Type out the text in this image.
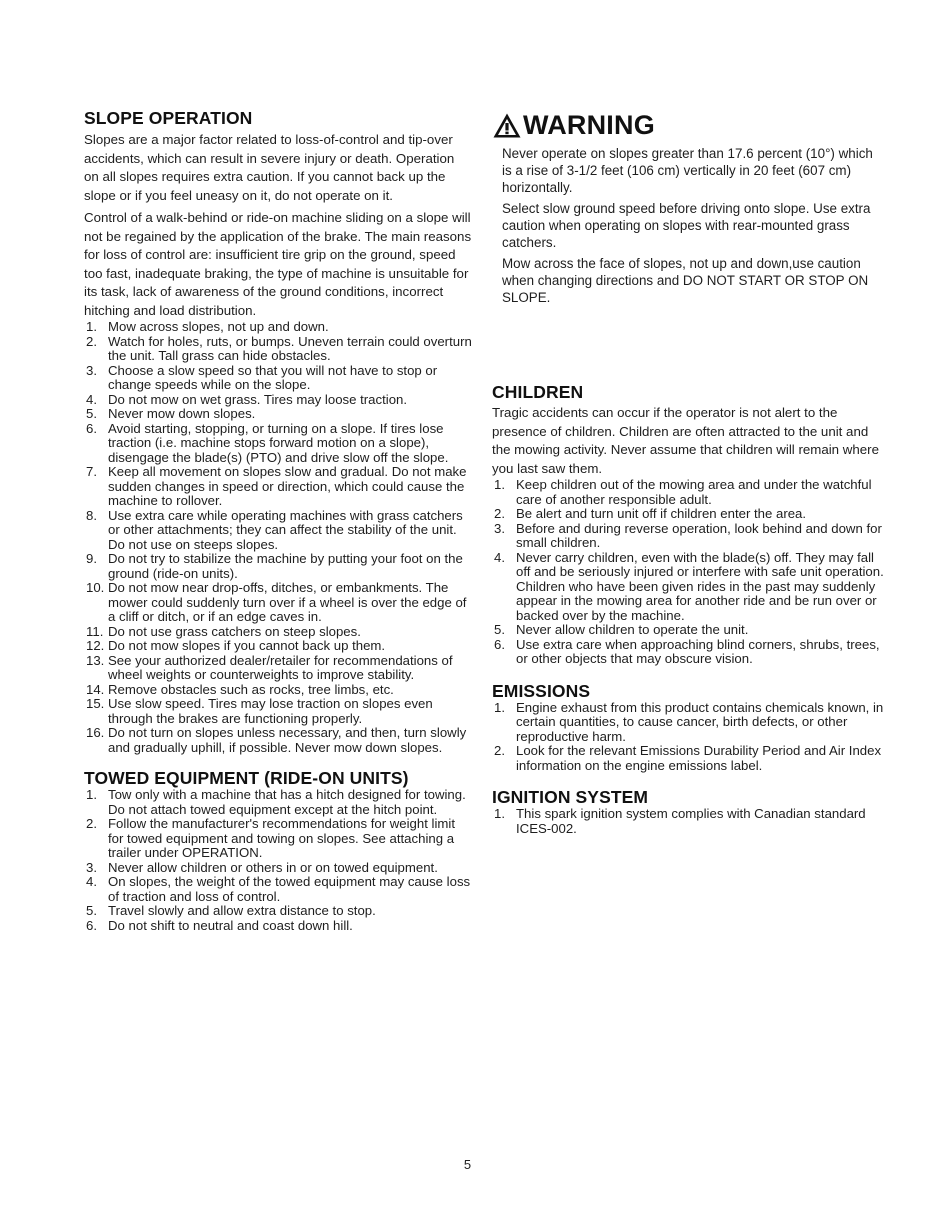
SLOPE OPERATION

Slopes are a major factor related to loss-of-control and tip-over accidents, which can result in severe injury or death. Operation on all slopes requires extra caution. If you cannot back up the slope or if you feel uneasy on it, do not operate on it.

Control of a walk-behind or ride-on machine sliding on a slope will not be regained by the application of the brake. The main reasons for loss of control are: insufficient tire grip on the ground, speed too fast, inadequate braking, the type of machine is unsuitable for its task, lack of awareness of the ground conditions, incorrect hitching and load distribution.

1. Mow across slopes, not up and down.
2. Watch for holes, ruts, or bumps. Uneven terrain could overturn the unit. Tall grass can hide obstacles.
3. Choose a slow speed so that you will not have to stop or change speeds while on the slope.
4. Do not mow on wet grass. Tires may loose traction.
5. Never mow down slopes.
6. Avoid starting, stopping, or turning on a slope. If tires lose traction (i.e. machine stops forward motion on a slope), disengage the blade(s) (PTO) and drive slow off the slope.
7. Keep all movement on slopes slow and gradual. Do not make sudden changes in speed or direction, which could cause the machine to rollover.
8. Use extra care while operating machines with grass catchers or other attachments; they can affect the stability of the unit. Do not use on steeps slopes.
9. Do not try to stabilize the machine by putting your foot on the ground (ride-on units).
10. Do not mow near drop-offs, ditches, or embankments. The mower could suddenly turn over if a wheel is over the edge of a cliff or ditch, or if an edge caves in.
11. Do not use grass catchers on steep slopes.
12. Do not mow slopes if you cannot back up them.
13. See your authorized dealer/retailer for recommendations of wheel weights or counterweights to improve stability.
14. Remove obstacles such as rocks, tree limbs, etc.
15. Use slow speed. Tires may lose traction on slopes even through the brakes are functioning properly.
16. Do not turn on slopes unless necessary, and then, turn slowly and gradually uphill, if possible. Never mow down slopes.
TOWED EQUIPMENT (RIDE-ON UNITS)
1. Tow only with a machine that has a hitch designed for towing. Do not attach towed equipment except at the hitch point.
2. Follow the manufacturer's recommendations for weight limit for towed equipment and towing on slopes. See attaching a trailer under OPERATION.
3. Never allow children or others in or on towed equipment.
4. On slopes, the weight of the towed equipment may cause loss of traction and loss of control.
5. Travel slowly and allow extra distance to stop.
6. Do not shift to neutral and coast down hill.
WARNING

Never operate on slopes greater than 17.6 percent (10°) which is a rise of 3-1/2 feet (106 cm) vertically in 20 feet (607 cm) horizontally.

Select slow ground speed before driving onto slope. Use extra caution when operating on slopes with rear-mounted grass catchers.

Mow across the face of slopes, not up and down,use caution when changing directions and DO NOT START OR STOP ON SLOPE.

CHILDREN

Tragic accidents can occur if the operator is not alert to the presence of children. Children are often attracted to the unit and the mowing activity. Never assume that children will remain where you last saw them.

1. Keep children out of the mowing area and under the watchful care of another responsible adult.
2. Be alert and turn unit off if children enter the area.
3. Before and during reverse operation, look behind and down for small children.
4. Never carry children, even with the blade(s) off. They may fall off and be seriously injured or interfere with safe unit operation. Children who have been given rides in the past may suddenly appear in the mowing area for another ride and be run over or backed over by the machine.
5. Never allow children to operate the unit.
6. Use extra care when approaching blind corners, shrubs, trees, or other objects that may obscure vision.
EMISSIONS
1. Engine exhaust from this product contains chemicals known, in certain quantities, to cause cancer, birth defects, or other reproductive harm.
2. Look for the relevant Emissions Durability Period and Air Index information on the engine emissions label.
IGNITION SYSTEM
1. This spark ignition system complies with Canadian standard ICES-002.
5
